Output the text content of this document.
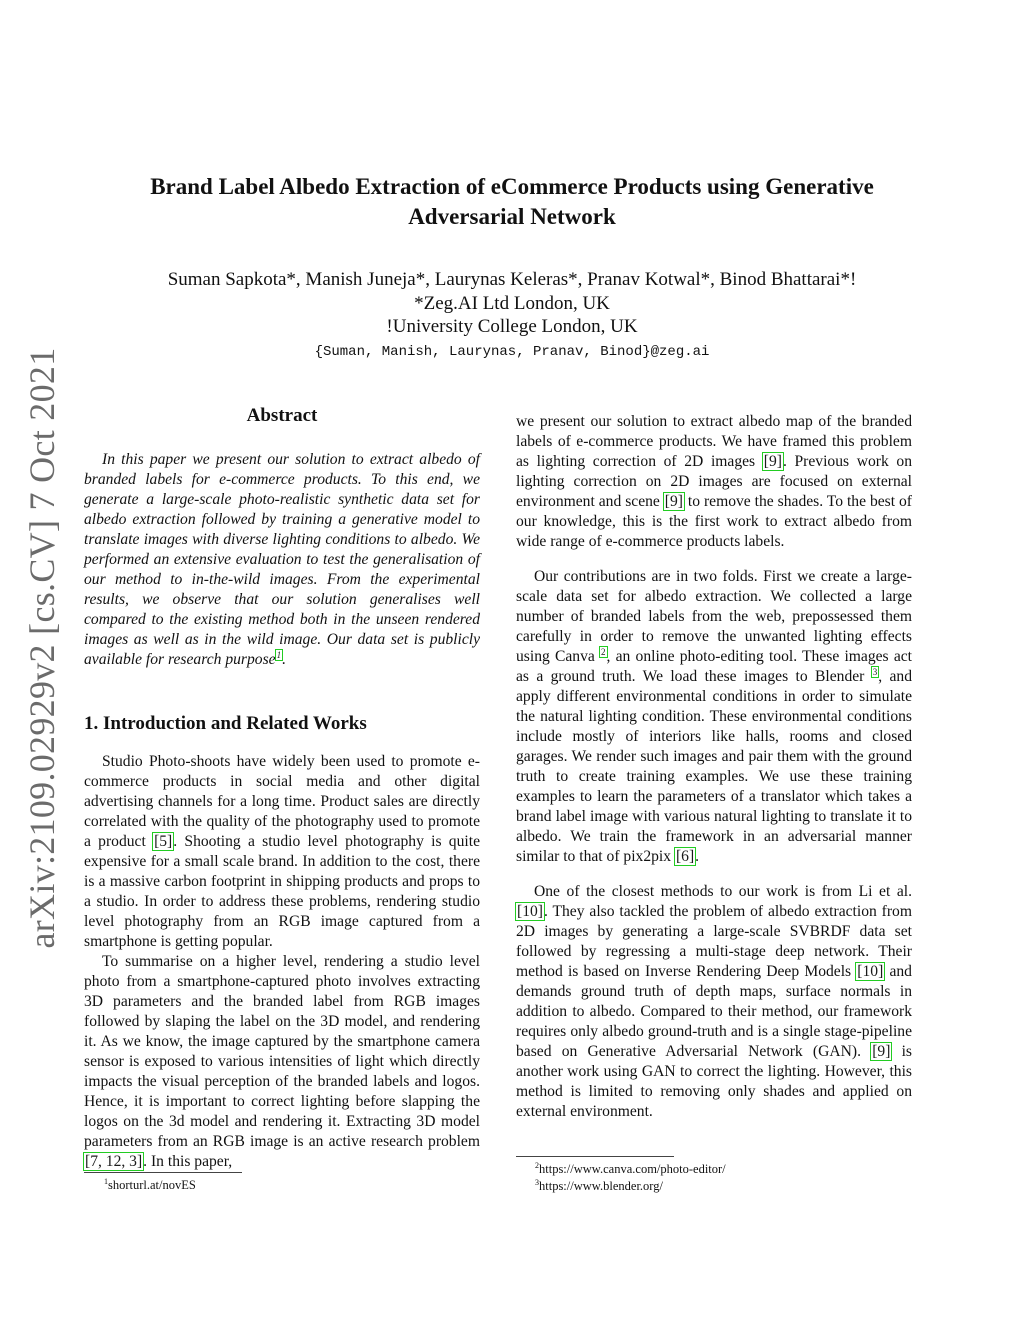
arXiv:2109.02929v2 [cs.CV] 7 Oct 2021
Brand Label Albedo Extraction of eCommerce Products using Generative
Adversarial Network
Suman Sapkota*, Manish Juneja*, Laurynas Keleras*, Pranav Kotwal*, Binod Bhattarai*!
*Zeg.AI Ltd London, UK
!University College London, UK
{Suman, Manish, Laurynas, Pranav, Binod}@zeg.ai
Abstract

In this paper we present our solution to extract albedo of branded labels for e-commerce products. To this end, we generate a large-scale photo-realistic synthetic data set for albedo extraction followed by training a generative model to translate images with diverse lighting conditions to albedo. We performed an extensive evaluation to test the generalisation of our method to in-the-wild images. From the experimental results, we observe that our solution generalises well compared to the existing method both in the unseen rendered images as well as in the wild image. Our data set is publicly available for research purpose$^1$.

1. Introduction and Related Works

Studio Photo-shoots have widely been used to promote e-commerce products in social media and other digital advertising channels for a long time. Product sales are directly correlated with the quality of the photography used to promote a product [5]. Shooting a studio level photography is quite expensive for a small scale brand. In addition to the cost, there is a massive carbon footprint in shipping products and props to a studio. In order to address these problems, rendering studio level photography from an RGB image captured from a smartphone is getting popular.

To summarise on a higher level, rendering a studio level photo from a smartphone-captured photo involves extracting 3D parameters and the branded label from RGB images followed by slaping the label on the 3D model, and rendering it. As we know, the image captured by the smartphone camera sensor is exposed to various intensities of light which directly impacts the visual perception of the branded labels and logos. Hence, it is important to correct lighting before slapping the logos on the 3d model and rendering it. Extracting 3D model parameters from an RGB image is an active research problem [7, 12, 3]. In this paper,

we present our solution to extract albedo map of the branded labels of e-commerce products. We have framed this problem as lighting correction of 2D images [9]. Previous work on lighting correction on 2D images are focused on external environment and scene [9] to remove the shades. To the best of our knowledge, this is the first work to extract albedo from wide range of e-commerce products labels.

Our contributions are in two folds. First we create a large-scale data set for albedo extraction. We collected a large number of branded labels from the web, prepossessed them carefully in order to remove the unwanted lighting effects using Canva $^2$, an online photo-editing tool. These images act as a ground truth. We load these images to Blender $^3$, and apply different environmental conditions in order to simulate the natural lighting condition. These environmental conditions include mostly of interiors like halls, rooms and closed garages. We render such images and pair them with the ground truth to create training examples. We use these training examples to learn the parameters of a translator which takes a brand label image with various natural lighting to translate it to albedo. We train the framework in an adversarial manner similar to that of pix2pix [6].

One of the closest methods to our work is from Li et al. [10]. They also tackled the problem of albedo extraction from 2D images by generating a large-scale SVBRDF data set followed by regressing a multi-stage deep network. Their method is based on Inverse Rendering Deep Models [10] and demands ground truth of depth maps, surface normals in addition to albedo. Compared to their method, our framework requires only albedo ground-truth and is a single stage-pipeline based on Generative Adversarial Network (GAN). [9] is another work using GAN to correct the lighting. However, this method is limited to removing only shades and applied on external environment.

$^1$shorturl.at/novES
$^2$https://www.canva.com/photo-editor/
$^3$https://www.blender.org/
